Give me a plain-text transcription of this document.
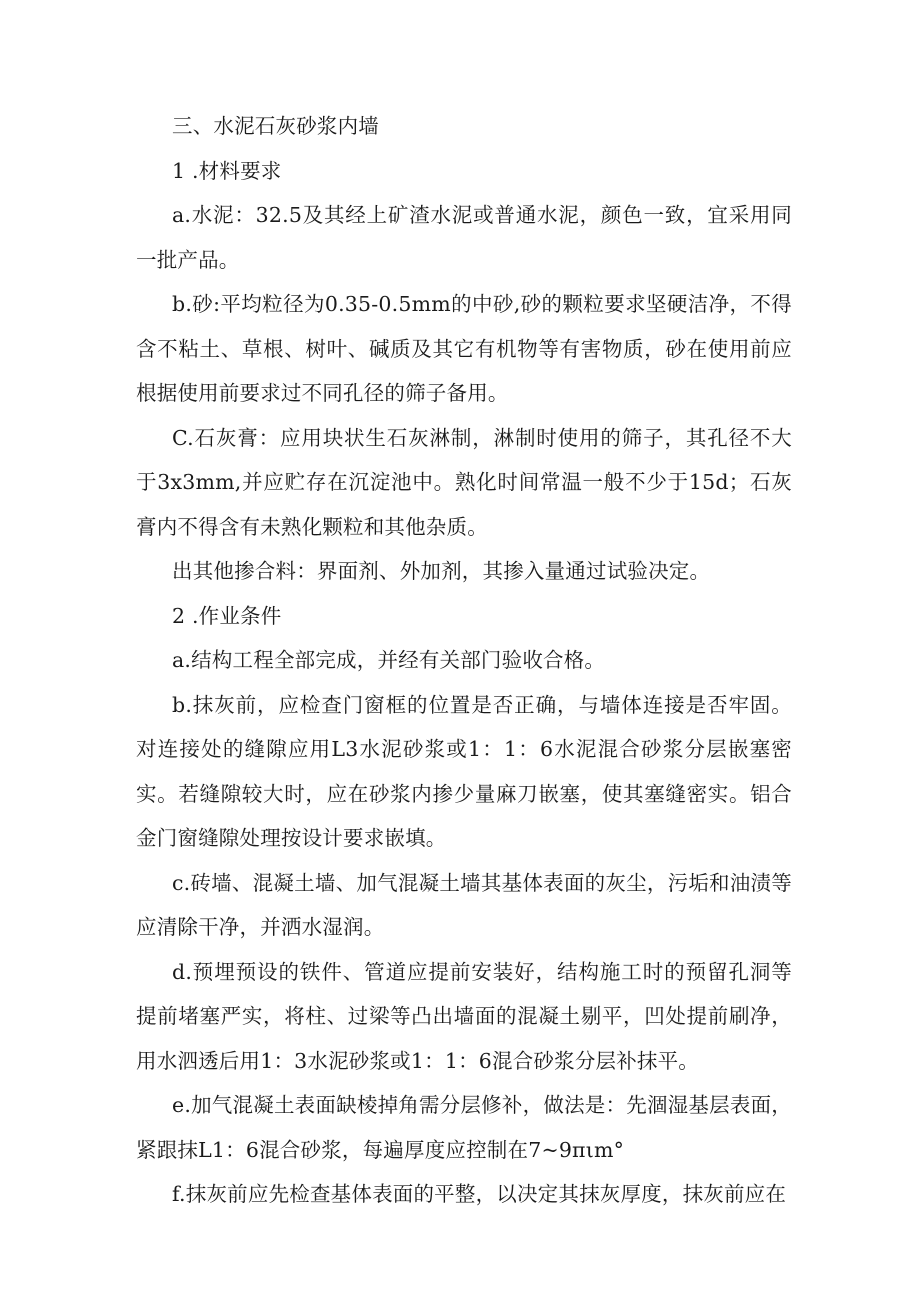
三、水泥石灰砂浆内墙

1 .材料要求

a.水泥：32.5及其经上矿渣水泥或普通水泥，颜色一致，宜采用同一批产品。

b.砂:平均粒径为0.35-0.5mm的中砂,砂的颗粒要求坚硬洁净，不得含不粘土、草根、树叶、碱质及其它有机物等有害物质，砂在使用前应根据使用前要求过不同孔径的筛子备用。

C.石灰膏：应用块状生石灰淋制，淋制时使用的筛子，其孔径不大于3x3mm,并应贮存在沉淀池中。熟化时间常温一般不少于15d；石灰膏内不得含有未熟化颗粒和其他杂质。

出其他掺合料：界面剂、外加剂，其掺入量通过试验决定。

2 .作业条件

a.结构工程全部完成，并经有关部门验收合格。

b.抹灰前，应检查门窗框的位置是否正确，与墙体连接是否牢固。对连接处的缝隙应用L3水泥砂浆或1：1：6水泥混合砂浆分层嵌塞密实。若缝隙较大时，应在砂浆内掺少量麻刀嵌塞，使其塞缝密实。铝合金门窗缝隙处理按设计要求嵌填。

c.砖墙、混凝土墙、加气混凝土墙其基体表面的灰尘，污垢和油渍等应清除干净，并洒水湿润。

d.预埋预设的铁件、管道应提前安装好，结构施工时的预留孔洞等提前堵塞严实，将柱、过梁等凸出墙面的混凝土剔平，凹处提前刷净，用水泗透后用1：3水泥砂浆或1：1：6混合砂浆分层补抹平。

e.加气混凝土表面缺棱掉角需分层修补，做法是：先涸湿基层表面，紧跟抹L1：6混合砂浆，每遍厚度应控制在7~9πιm°

f.抹灰前应先检查基体表面的平整，以决定其抹灰厚度，抹灰前应在
